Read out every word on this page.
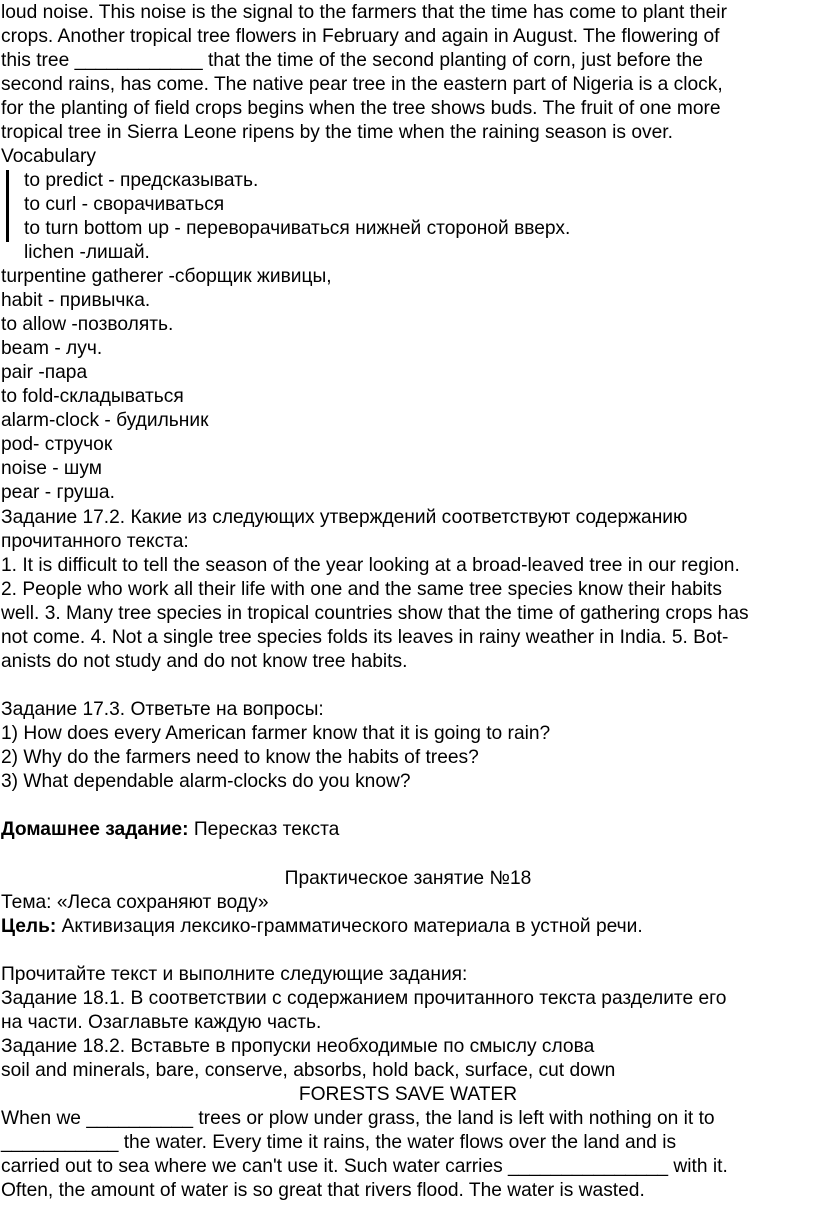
loud noise. This noise is the signal to the farmers that the time has come to plant their
crops. Another tropical tree flowers in February and again in August. The flowering of
this tree ____________ that the time of the second planting of corn, just before the
second rains, has come. The native pear tree in the eastern part of Nigeria is a clock,
for the planting of field crops begins when the tree shows buds. The fruit of one more
tropical tree in Sierra Leone ripens by the time when the raining season is over.
Vocabulary
to predict - предсказывать.
to curl - сворачиваться
to turn bottom up - переворачиваться нижней стороной вверх.
lichen -лишай.
turpentine gatherer -сборщик живицы,
habit - привычка.
to allow -позволять.
beam - луч.
pair -пара
to fold-складываться
alarm-clock - будильник
pod- стручок
noise - шум
pear - груша.
Задание 17.2. Какие из следующих утверждений соответствуют содержанию
прочитанного текста:
1. It is difficult to tell the season of the year looking at a broad-leaved tree in our region.
2. People who work all their life with one and the same tree species know their habits
well. 3. Many tree species in tropical countries show that the time of gathering crops has
not come. 4. Not a single tree species folds its leaves in rainy weather in India. 5. Bot-
anists do not study and do not know tree habits.
Задание 17.3. Ответьте на вопросы:
1) How does every American farmer know that it is going to rain?
2) Why do the farmers need to know the habits of trees?
3) What dependable alarm-clocks do you know?
Домашнее задание: Пересказ текста
Практическое занятие №18
Тема: «Леса сохраняют воду»
Цель: Активизация лексико-грамматического материала в устной речи.
Прочитайте текст и выполните следующие задания:
Задание 18.1. В соответствии с содержанием прочитанного текста разделите его
на части. Озаглавьте каждую часть.
Задание 18.2. Вставьте в пропуски необходимые по смыслу слова
soil and minerals, bare, conserve, absorbs, hold back, surface, cut down
FORESTS SAVE WATER
When we __________ trees or plow under grass, the land is left with nothing on it to
___________ the water. Every time it rains, the water flows over the land and is
carried out to sea where we can't use it. Such water carries _______________ with it.
Often, the amount of water is so great that rivers flood. The water is wasted.
